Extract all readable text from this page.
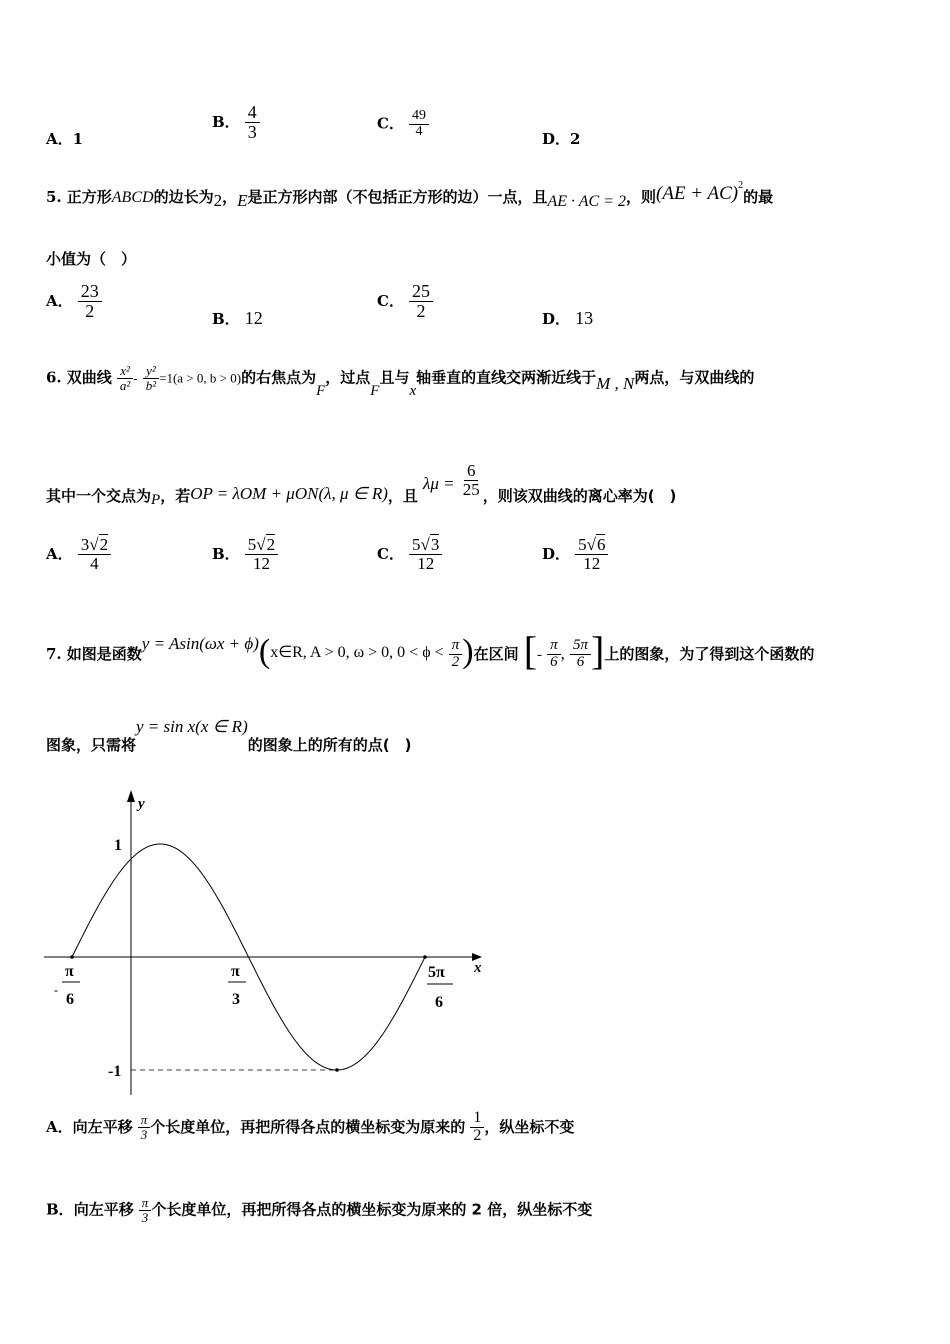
A．1
B． $\frac{4}{3}$	C． $\frac{49}{4}$	D．2
5. 正方形ABCD的边长为2，E是正方形内部（不包括正方形的边）一点，且AE · AC = 2，则(AE + AC)$^2$的最
小值为（　）
A． $\frac{23}{2}$	B． 12
C． $\frac{25}{2}$	D． 13
6. 双曲线 $\frac{\text{x²}}{\text{a²}} - \frac{\text{y²}}{\text{b²}} =1(a > 0$, b > 0)的右焦点为F，过点F且与x轴垂直的直线交两渐近线于M , N两点，与双曲线的
其中一个交点为P，若OP = λOM + μON(λ, μ ∈ R)，且 $\lambda\mu = \frac{6}{25}$ ，则该双曲线的离心率为(　)
A． $\frac{3√2}{4}$	B． $\frac{5√2}{12}$	C． $\frac{5√3}{12}$	D． $\frac{5√6}{12}$
7. 如图是函数y = Asin(ωx + ϕ)(x∈R, A > 0, ω > 0, $0 < \phi < \frac{\pi}{2}$ )在区间 [- $\frac{\pi}{6}$ , $\frac{5\pi}{6}$ ]上的图象，为了得到这个函数的
图象，只需将y = sin x(x ∈ R)的图象上的所有的点(　)
y
x
1
-1
-
π
6
π
3
5π
6
A．向左平移 $\frac{\pi}{3}$ 个长度单位，再把所得各点的横坐标变为原来的 $\frac{1}{2}$ ，纵坐标不变
B．向左平移 $\frac{\pi}{3}$ 个长度单位，再把所得各点的横坐标变为原来的 2 倍，纵坐标不变
